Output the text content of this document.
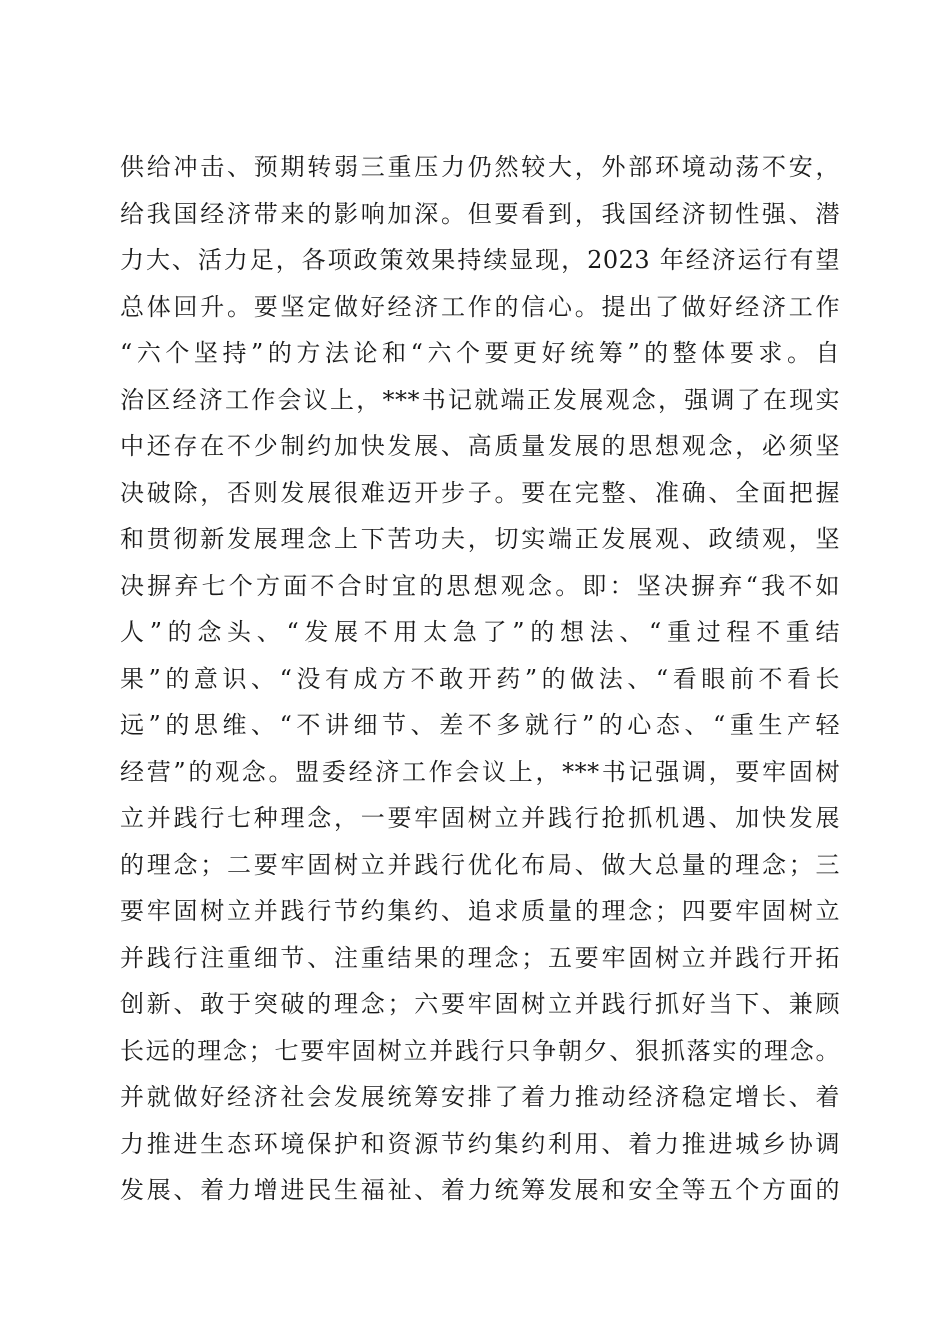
供给冲击、预期转弱三重压力仍然较大，外部环境动荡不安，
给我国经济带来的影响加深。但要看到，我国经济韧性强、潜
力大、活力足，各项政策效果持续显现，2023 年经济运行有望
总体回升。要坚定做好经济工作的信心。提出了做好经济工作
“六个坚持”的方法论和“六个要更好统筹”的整体要求。自
治区经济工作会议上，***书记就端正发展观念，强调了在现实
中还存在不少制约加快发展、高质量发展的思想观念，必须坚
决破除，否则发展很难迈开步子。要在完整、准确、全面把握
和贯彻新发展理念上下苦功夫，切实端正发展观、政绩观，坚
决摒弃七个方面不合时宜的思想观念。即：坚决摒弃“我不如
人”的念头、“发展不用太急了”的想法、“重过程不重结
果”的意识、“没有成方不敢开药”的做法、“看眼前不看长
远”的思维、“不讲细节、差不多就行”的心态、“重生产轻
经营”的观念。盟委经济工作会议上，***书记强调，要牢固树
立并践行七种理念，一要牢固树立并践行抢抓机遇、加快发展
的理念；二要牢固树立并践行优化布局、做大总量的理念；三
要牢固树立并践行节约集约、追求质量的理念；四要牢固树立
并践行注重细节、注重结果的理念；五要牢固树立并践行开拓
创新、敢于突破的理念；六要牢固树立并践行抓好当下、兼顾
长远的理念；七要牢固树立并践行只争朝夕、狠抓落实的理念。
并就做好经济社会发展统筹安排了着力推动经济稳定增长、着
力推进生态环境保护和资源节约集约利用、着力推进城乡协调
发展、着力增进民生福祉、着力统筹发展和安全等五个方面的
